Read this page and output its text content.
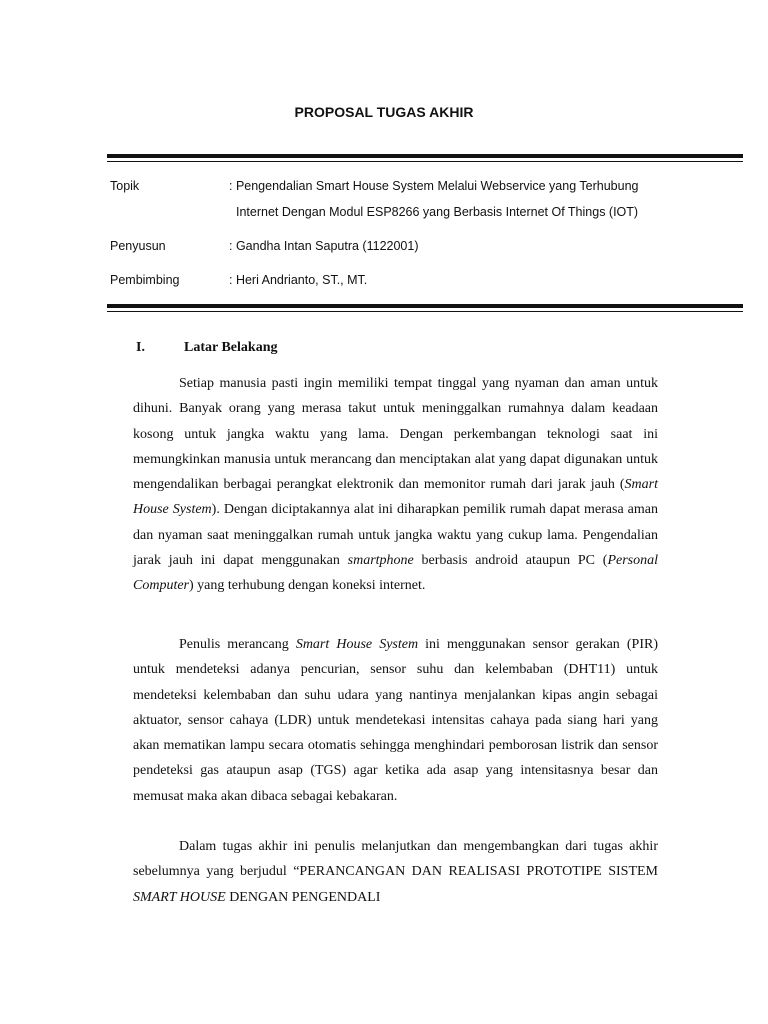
PROPOSAL TUGAS AKHIR
Topik	: Pengendalian Smart House System Melalui Webservice yang Terhubung
Internet Dengan Modul ESP8266 yang Berbasis Internet Of Things (IOT)
Penyusun	: Gandha Intan Saputra (1122001)
Pembimbing	: Heri Andrianto, ST., MT.
I.	Latar Belakang

Setiap manusia pasti ingin memiliki tempat tinggal yang nyaman dan aman untuk dihuni. Banyak orang yang merasa takut untuk meninggalkan rumahnya dalam keadaan kosong untuk jangka waktu yang lama. Dengan perkembangan teknologi saat ini memungkinkan manusia untuk merancang dan menciptakan alat yang dapat digunakan untuk mengendalikan berbagai perangkat elektronik dan memonitor rumah dari jarak jauh (Smart House System). Dengan diciptakannya alat ini diharapkan pemilik rumah dapat merasa aman dan nyaman saat meninggalkan rumah untuk jangka waktu yang cukup lama. Pengendalian jarak jauh ini dapat menggunakan smartphone berbasis android ataupun PC (Personal Computer) yang terhubung dengan koneksi internet.

Penulis merancang Smart House System ini menggunakan sensor gerakan (PIR) untuk mendeteksi adanya pencurian, sensor suhu dan kelembaban (DHT11) untuk mendeteksi kelembaban dan suhu udara yang nantinya menjalankan kipas angin sebagai aktuator, sensor cahaya (LDR) untuk mendetekasi intensitas cahaya pada siang hari yang akan mematikan lampu secara otomatis sehingga menghindari pemborosan listrik dan sensor pendeteksi gas ataupun asap (TGS) agar ketika ada asap yang intensitasnya besar dan memusat maka akan dibaca sebagai kebakaran.

Dalam tugas akhir ini penulis melanjutkan dan mengembangkan dari tugas akhir sebelumnya yang berjudul “PERANCANGAN DAN REALISASI PROTOTIPE SISTEM SMART HOUSE DENGAN PENGENDALI
